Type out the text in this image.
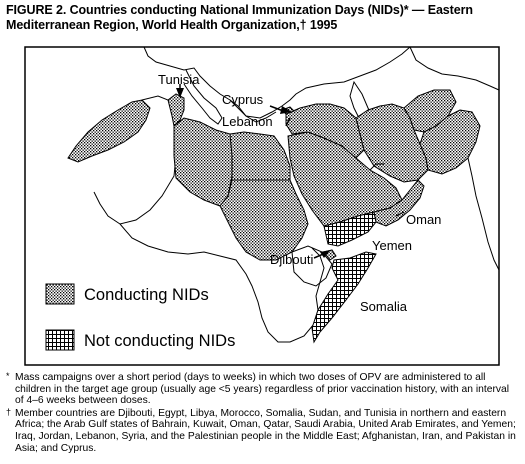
FIGURE 2. Countries conducting National Immunization Days (NIDs)* — Eastern

Mediterranean Region, World Health Organization,† 1995

Tunisia
Cyprus
Lebanon
Oman
Yemen
Djibouti
Somalia
Conducting NIDs
Not conducting NIDs
* Mass campaigns over a short period (days to weeks) in which two doses of OPV are administered to all children in the target age group (usually age <5 years) regardless of prior vaccination history, with an interval of 4–6 weeks between doses.
† Member countries are Djibouti, Egypt, Libya, Morocco, Somalia, Sudan, and Tunisia in northern and eastern Africa; the Arab Gulf states of Bahrain, Kuwait, Oman, Qatar, Saudi Arabia, United Arab Emirates, and Yemen; Iraq, Jordan, Lebanon, Syria, and the Palestinian people in the Middle East; Afghanistan, Iran, and Pakistan in Asia; and Cyprus.
